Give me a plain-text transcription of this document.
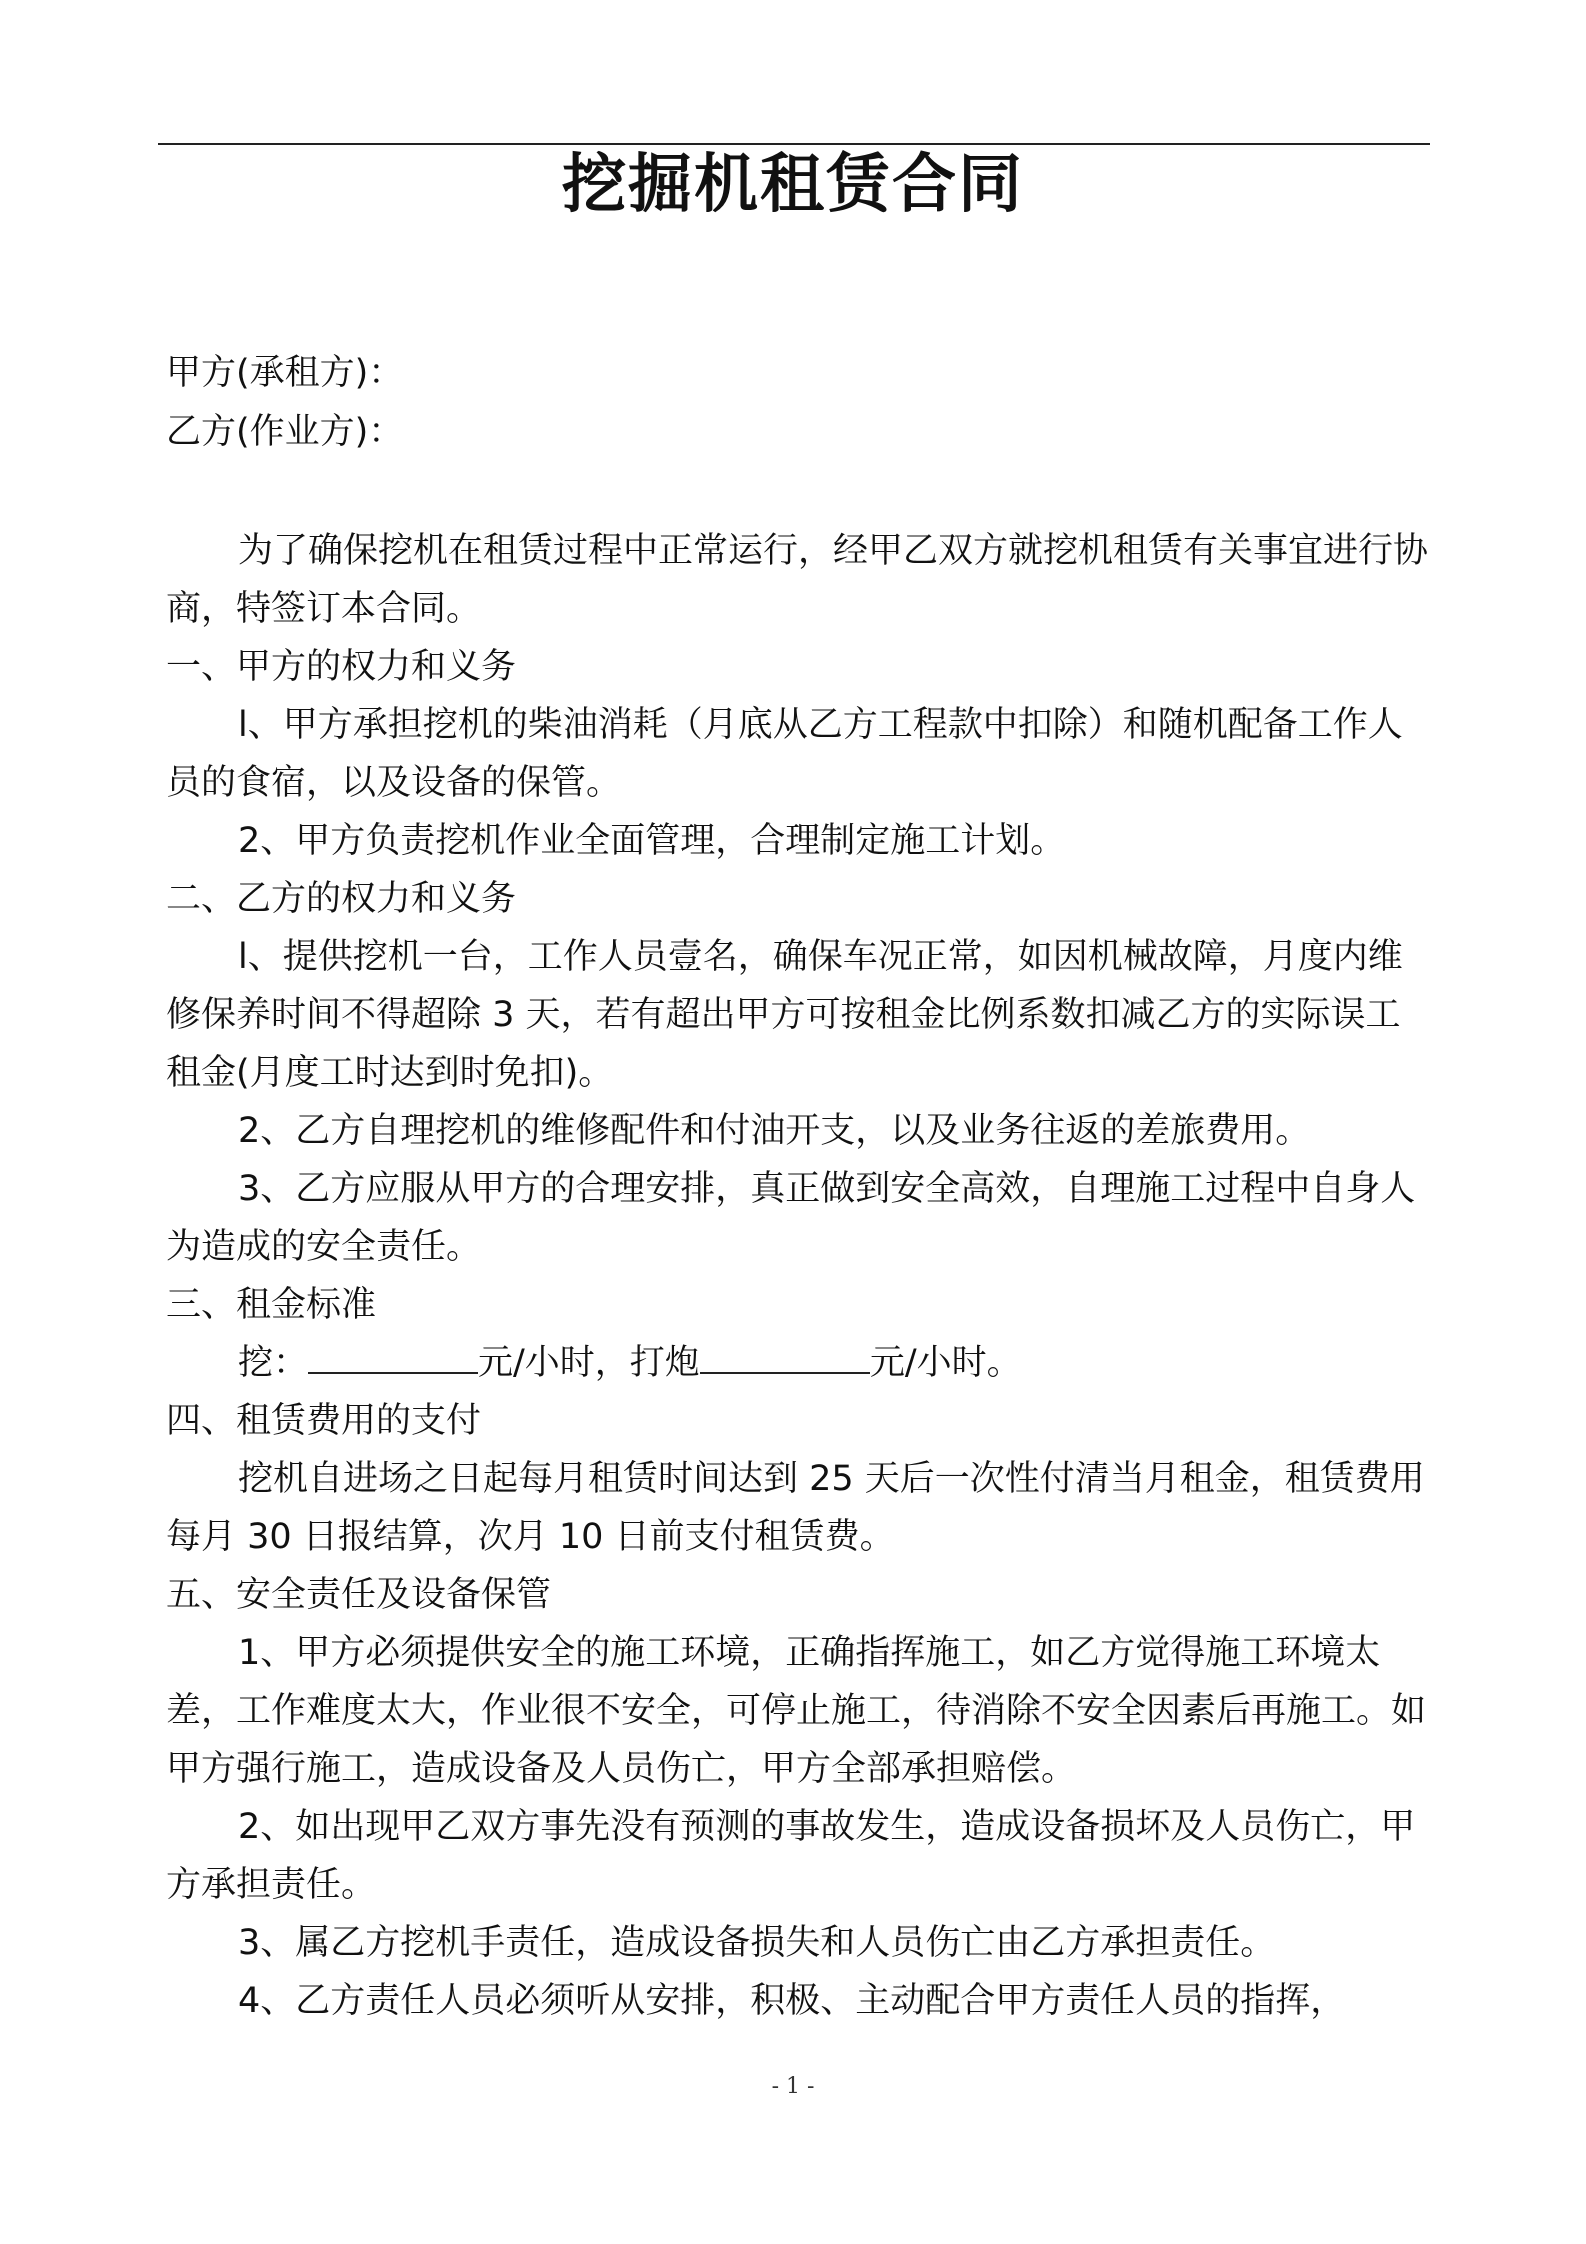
挖掘机租赁合同
甲方(承租方)：
乙方(作业方)：

为了确保挖机在租赁过程中正常运行，经甲乙双方就挖机租赁有关事宜进行协商，特签订本合同。

一、甲方的权力和义务

l、甲方承担挖机的柴油消耗（月底从乙方工程款中扣除）和随机配备工作人员的食宿，以及设备的保管。

2、甲方负责挖机作业全面管理，合理制定施工计划。

二、乙方的权力和义务

l、提供挖机一台，工作人员壹名，确保车况正常，如因机械故障，月度内维修保养时间不得超除 3 天，若有超出甲方可按租金比例系数扣减乙方的实际误工租金(月度工时达到时免扣)。

2、乙方自理挖机的维修配件和付油开支，以及业务往返的差旅费用。

3、乙方应服从甲方的合理安排，真正做到安全高效，自理施工过程中自身人为造成的安全责任。

三、租金标准

挖：	元/小时，打炮	元/小时。

四、租赁费用的支付

挖机自进场之日起每月租赁时间达到 25 天后一次性付清当月租金，租赁费用每月 30 日报结算，次月 10 日前支付租赁费。

五、安全责任及设备保管

1、甲方必须提供安全的施工环境，正确指挥施工，如乙方觉得施工环境太差，工作难度太大，作业很不安全，可停止施工，待消除不安全因素后再施工。如甲方强行施工，造成设备及人员伤亡，甲方全部承担赔偿。

2、如出现甲乙双方事先没有预测的事故发生，造成设备损坏及人员伤亡，甲方承担责任。

3、属乙方挖机手责任，造成设备损失和人员伤亡由乙方承担责任。

4、乙方责任人员必须听从安排，积极、主动配合甲方责任人员的指挥，

- 1 -
